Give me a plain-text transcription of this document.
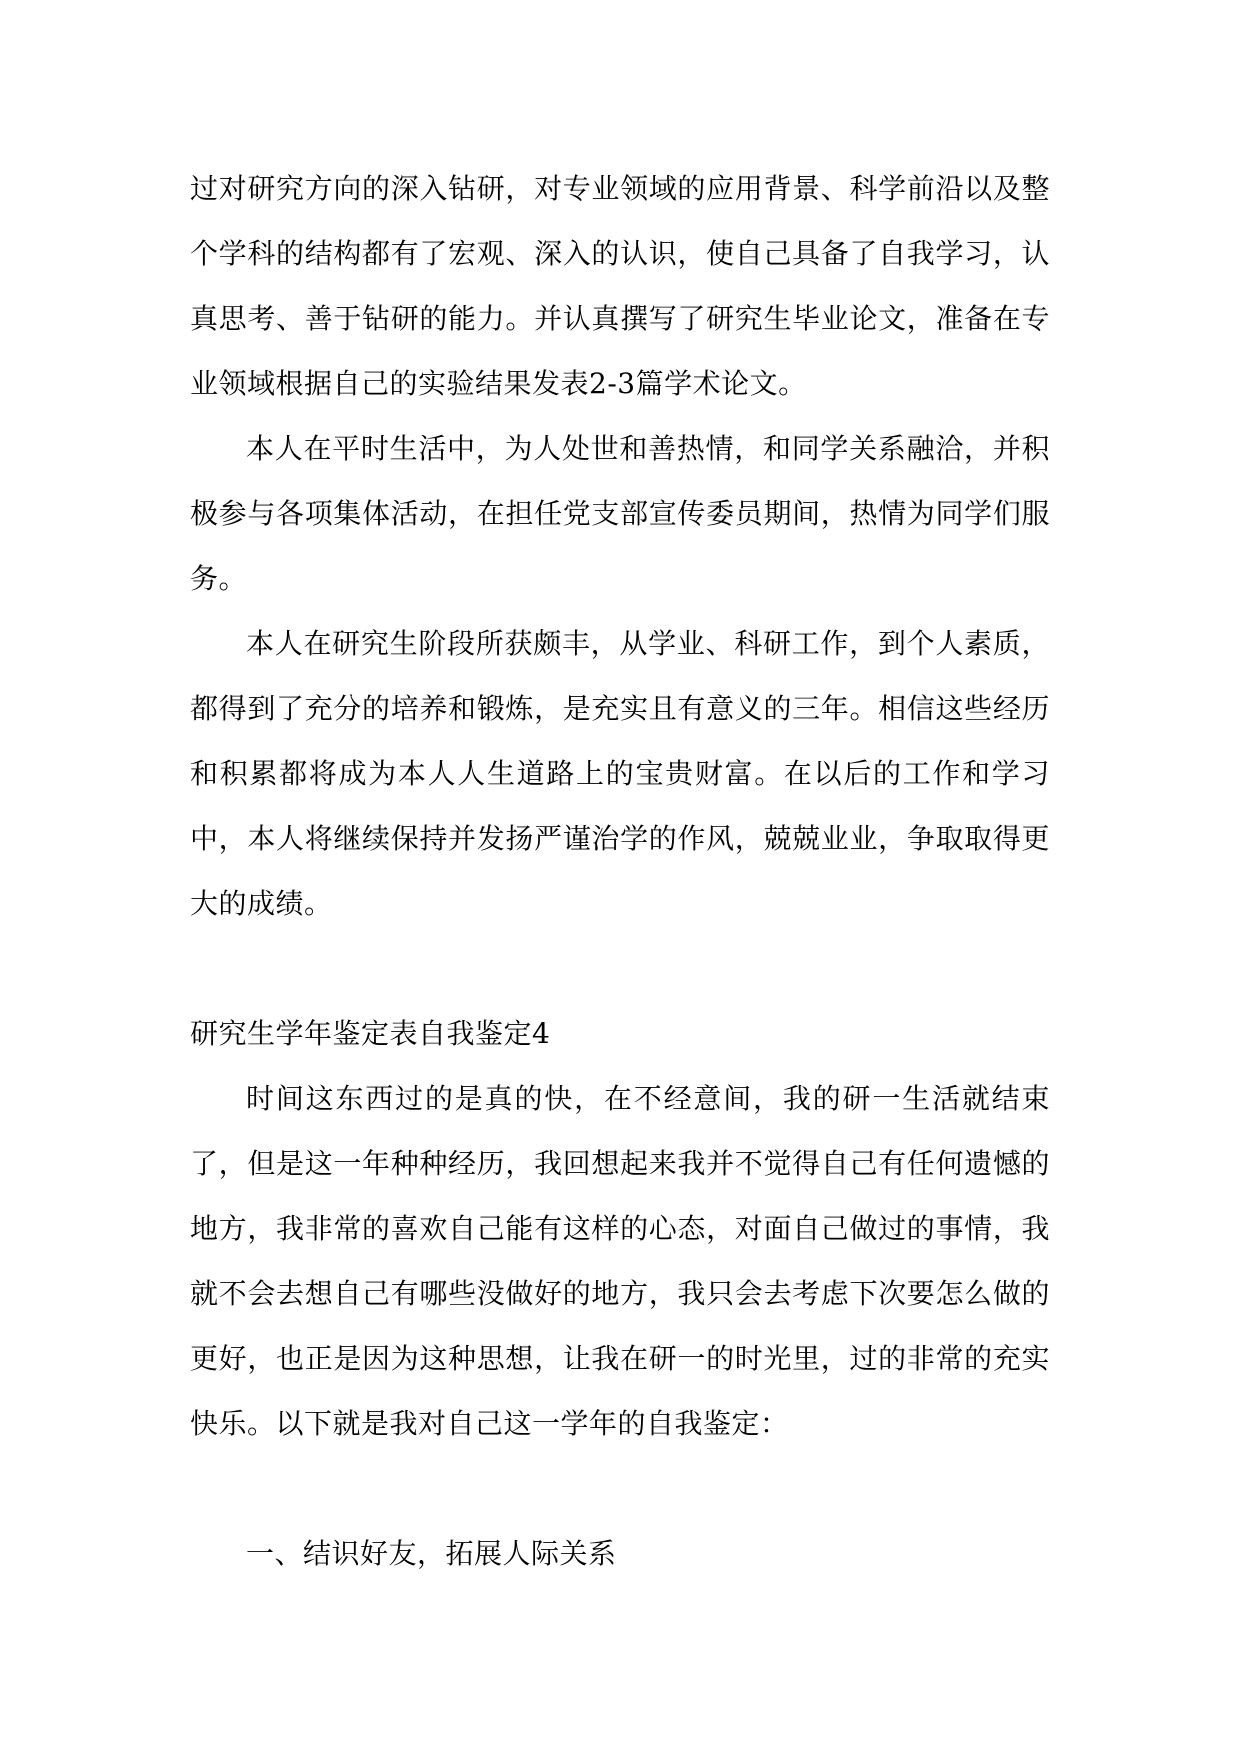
过对研究方向的深入钻研，对专业领域的应用背景、科学前沿以及整个学科的结构都有了宏观、深入的认识，使自己具备了自我学习，认真思考、善于钻研的能力。并认真撰写了研究生毕业论文，准备在专业领域根据自己的实验结果发表2-3篇学术论文。

本人在平时生活中，为人处世和善热情，和同学关系融洽，并积极参与各项集体活动，在担任党支部宣传委员期间，热情为同学们服务。

本人在研究生阶段所获颇丰，从学业、科研工作，到个人素质，都得到了充分的培养和锻炼，是充实且有意义的三年。相信这些经历和积累都将成为本人人生道路上的宝贵财富。在以后的工作和学习中，本人将继续保持并发扬严谨治学的作风，兢兢业业，争取取得更大的成绩。

研究生学年鉴定表自我鉴定4

时间这东西过的是真的快，在不经意间，我的研一生活就结束了，但是这一年种种经历，我回想起来我并不觉得自己有任何遗憾的地方，我非常的喜欢自己能有这样的心态，对面自己做过的事情，我就不会去想自己有哪些没做好的地方，我只会去考虑下次要怎么做的更好，也正是因为这种思想，让我在研一的时光里，过的非常的充实快乐。以下就是我对自己这一学年的自我鉴定：

一、结识好友，拓展人际关系
